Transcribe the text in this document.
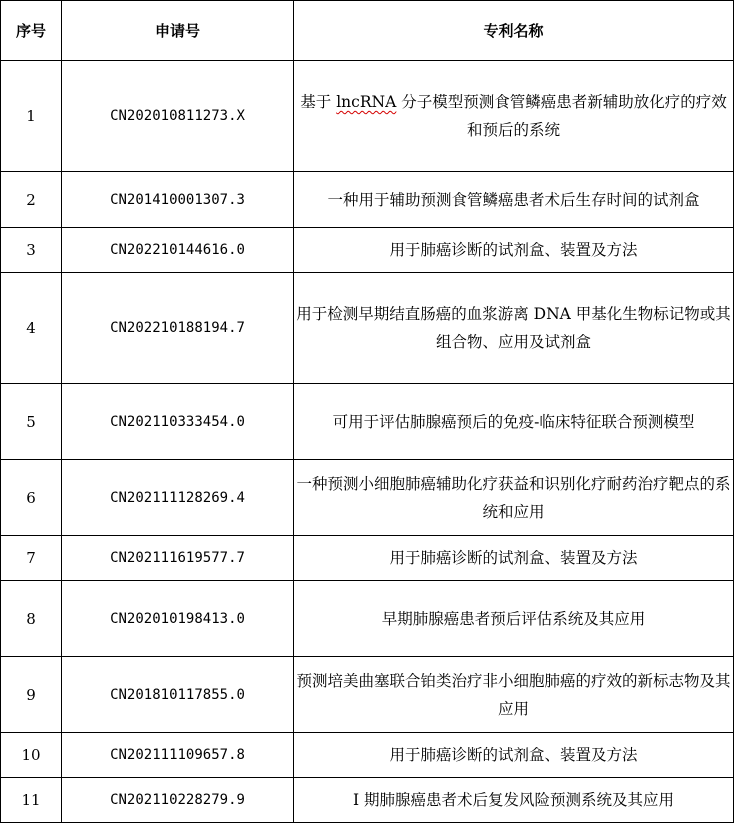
序号	申请号	专利名称
1	CN202010811273.X	基于 lncRNA 分子模型预测食管鳞癌患者新辅助放化疗的疗效和预后的系统
2	CN201410001307.3	一种用于辅助预测食管鳞癌患者术后生存时间的试剂盒
3	CN202210144616.0	用于肺癌诊断的试剂盒、装置及方法
4	CN202210188194.7	用于检测早期结直肠癌的血浆游离 DNA 甲基化生物标记物或其组合物、应用及试剂盒
5	CN202110333454.0	可用于评估肺腺癌预后的免疫-临床特征联合预测模型
6	CN202111128269.4	一种预测小细胞肺癌辅助化疗获益和识别化疗耐药治疗靶点的系统和应用
7	CN202111619577.7	用于肺癌诊断的试剂盒、装置及方法
8	CN202010198413.0	早期肺腺癌患者预后评估系统及其应用
9	CN201810117855.0	预测培美曲塞联合铂类治疗非小细胞肺癌的疗效的新标志物及其应用
10	CN202111109657.8	用于肺癌诊断的试剂盒、装置及方法
11	CN202110228279.9	I 期肺腺癌患者术后复发风险预测系统及其应用
